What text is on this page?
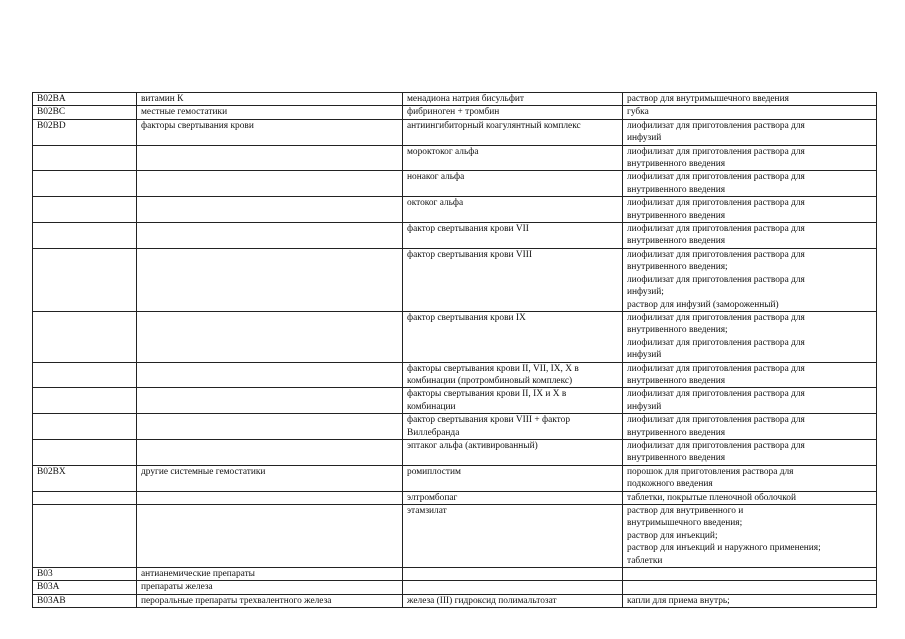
B02BA	витамин К	менадиона натрия бисульфит	раствор для внутримышечного введения

B02BC	местные гемостатики	фибриноген + тромбин	губка

B02BD	факторы свертывания крови	антиингибиторный коагулянтный комплекс	лиофилизат для приготовления раствора для
инфузий

		мороктоког альфа	лиофилизат для приготовления раствора для
внутривенного введения

		нонаког альфа	лиофилизат для приготовления раствора для
внутривенного введения

		октоког альфа	лиофилизат для приготовления раствора для
внутривенного введения

		фактор свертывания крови VII	лиофилизат для приготовления раствора для
внутривенного введения

		фактор свертывания крови VIII	лиофилизат для приготовления раствора для
внутривенного введения;
лиофилизат для приготовления раствора для
инфузий;
раствор для инфузий (замороженный)

		фактор свертывания крови IX	лиофилизат для приготовления раствора для
внутривенного введения;
лиофилизат для приготовления раствора для
инфузий

		факторы свертывания крови II, VII, IX, X в
комбинации (протромбиновый комплекс)	лиофилизат для приготовления раствора для
внутривенного введения

		факторы свертывания крови II, IX и X в
комбинации	лиофилизат для приготовления раствора для
инфузий

		фактор свертывания крови VIII + фактор
Виллебранда	лиофилизат для приготовления раствора для
внутривенного введения

		эптаког альфа (активированный)	лиофилизат для приготовления раствора для
внутривенного введения

B02BX	другие системные гемостатики	ромиплостим	порошок для приготовления раствора для
подкожного введения

		элтромбопаг	таблетки, покрытые пленочной оболочкой

		этамзилат	раствор для внутривенного и
внутримышечного введения;
раствор для инъекций;
раствор для инъекций и наружного применения;
таблетки

B03	антианемические препараты		
B03A	препараты железа		
B03AB	пероральные препараты трехвалентного железа	железа (III) гидроксид полимальтозат	капли для приема внутрь;
